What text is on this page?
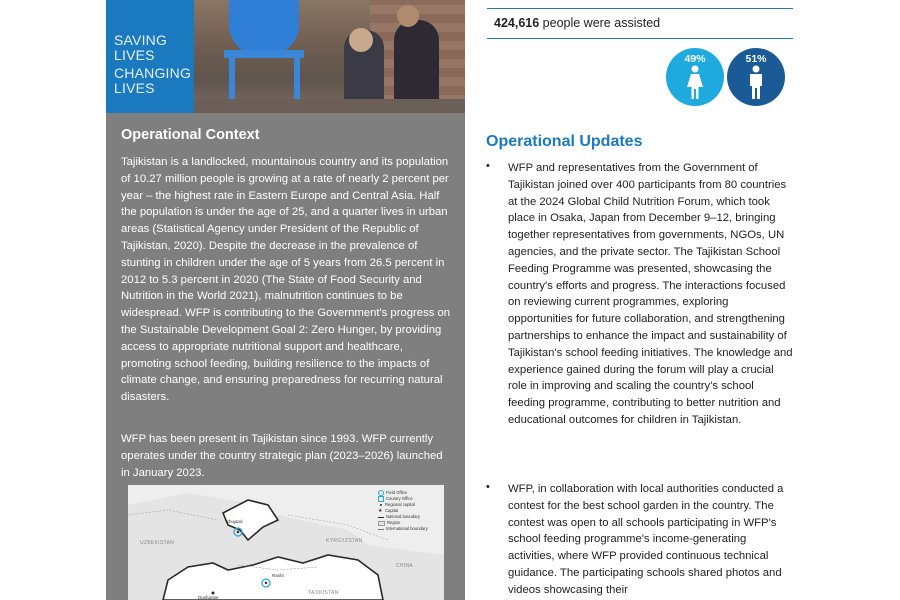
SAVING
LIVES
CHANGING
LIVES
Operational Context

Tajikistan is a landlocked, mountainous country and its population of 10.27 million people is growing at a rate of nearly 2 percent per year – the highest rate in Eastern Europe and Central Asia. Half the population is under the age of 25, and a quarter lives in urban areas (Statistical Agency under President of the Republic of Tajikistan, 2020). Despite the decrease in the prevalence of stunting in children under the age of 5 years from 26.5 percent in 2012 to 5.3 percent in 2020 (The State of Food Security and Nutrition in the World 2021), malnutrition continues to be widespread. WFP is contributing to the Government's progress on the Sustainable Development Goal 2: Zero Hunger, by providing access to appropriate nutritional support and healthcare, promoting school feeding, building resilience to the impacts of climate change, and ensuring preparedness for recurring natural disasters.

WFP has been present in Tajikistan since 1993. WFP currently operates under the country strategic plan (2023–2026) launched in January 2023.

UZBEKISTAN	KYRGYZSTAN
TAJIKISTAN
CHINA
Khujand
Rasht
Dushanbe
Field Office
Country Office
Regional capital
★ Capital
National boundary
Region
International boundary
424,616 people were assisted
49%	51%
Operational Updates
•	WFP and representatives from the Government of Tajikistan joined over 400 participants from 80 countries at the 2024 Global Child Nutrition Forum, which took place in Osaka, Japan from December 9–12, bringing together representatives from governments, NGOs, UN agencies, and the private sector. The Tajikistan School Feeding Programme was presented, showcasing the country's efforts and progress. The interactions focused on reviewing current programmes, exploring opportunities for future collaboration, and strengthening partnerships to enhance the impact and sustainability of Tajikistan's school feeding initiatives. The knowledge and experience gained during the forum will play a crucial role in improving and scaling the country's school feeding programme, contributing to better nutrition and educational outcomes for children in Tajikistan.

•	WFP, in collaboration with local authorities conducted a contest for the best school garden in the country. The contest was open to all schools participating in WFP's school feeding programme's income-generating activities, where WFP provided continuous technical guidance. The participating schools shared photos and videos showcasing their
